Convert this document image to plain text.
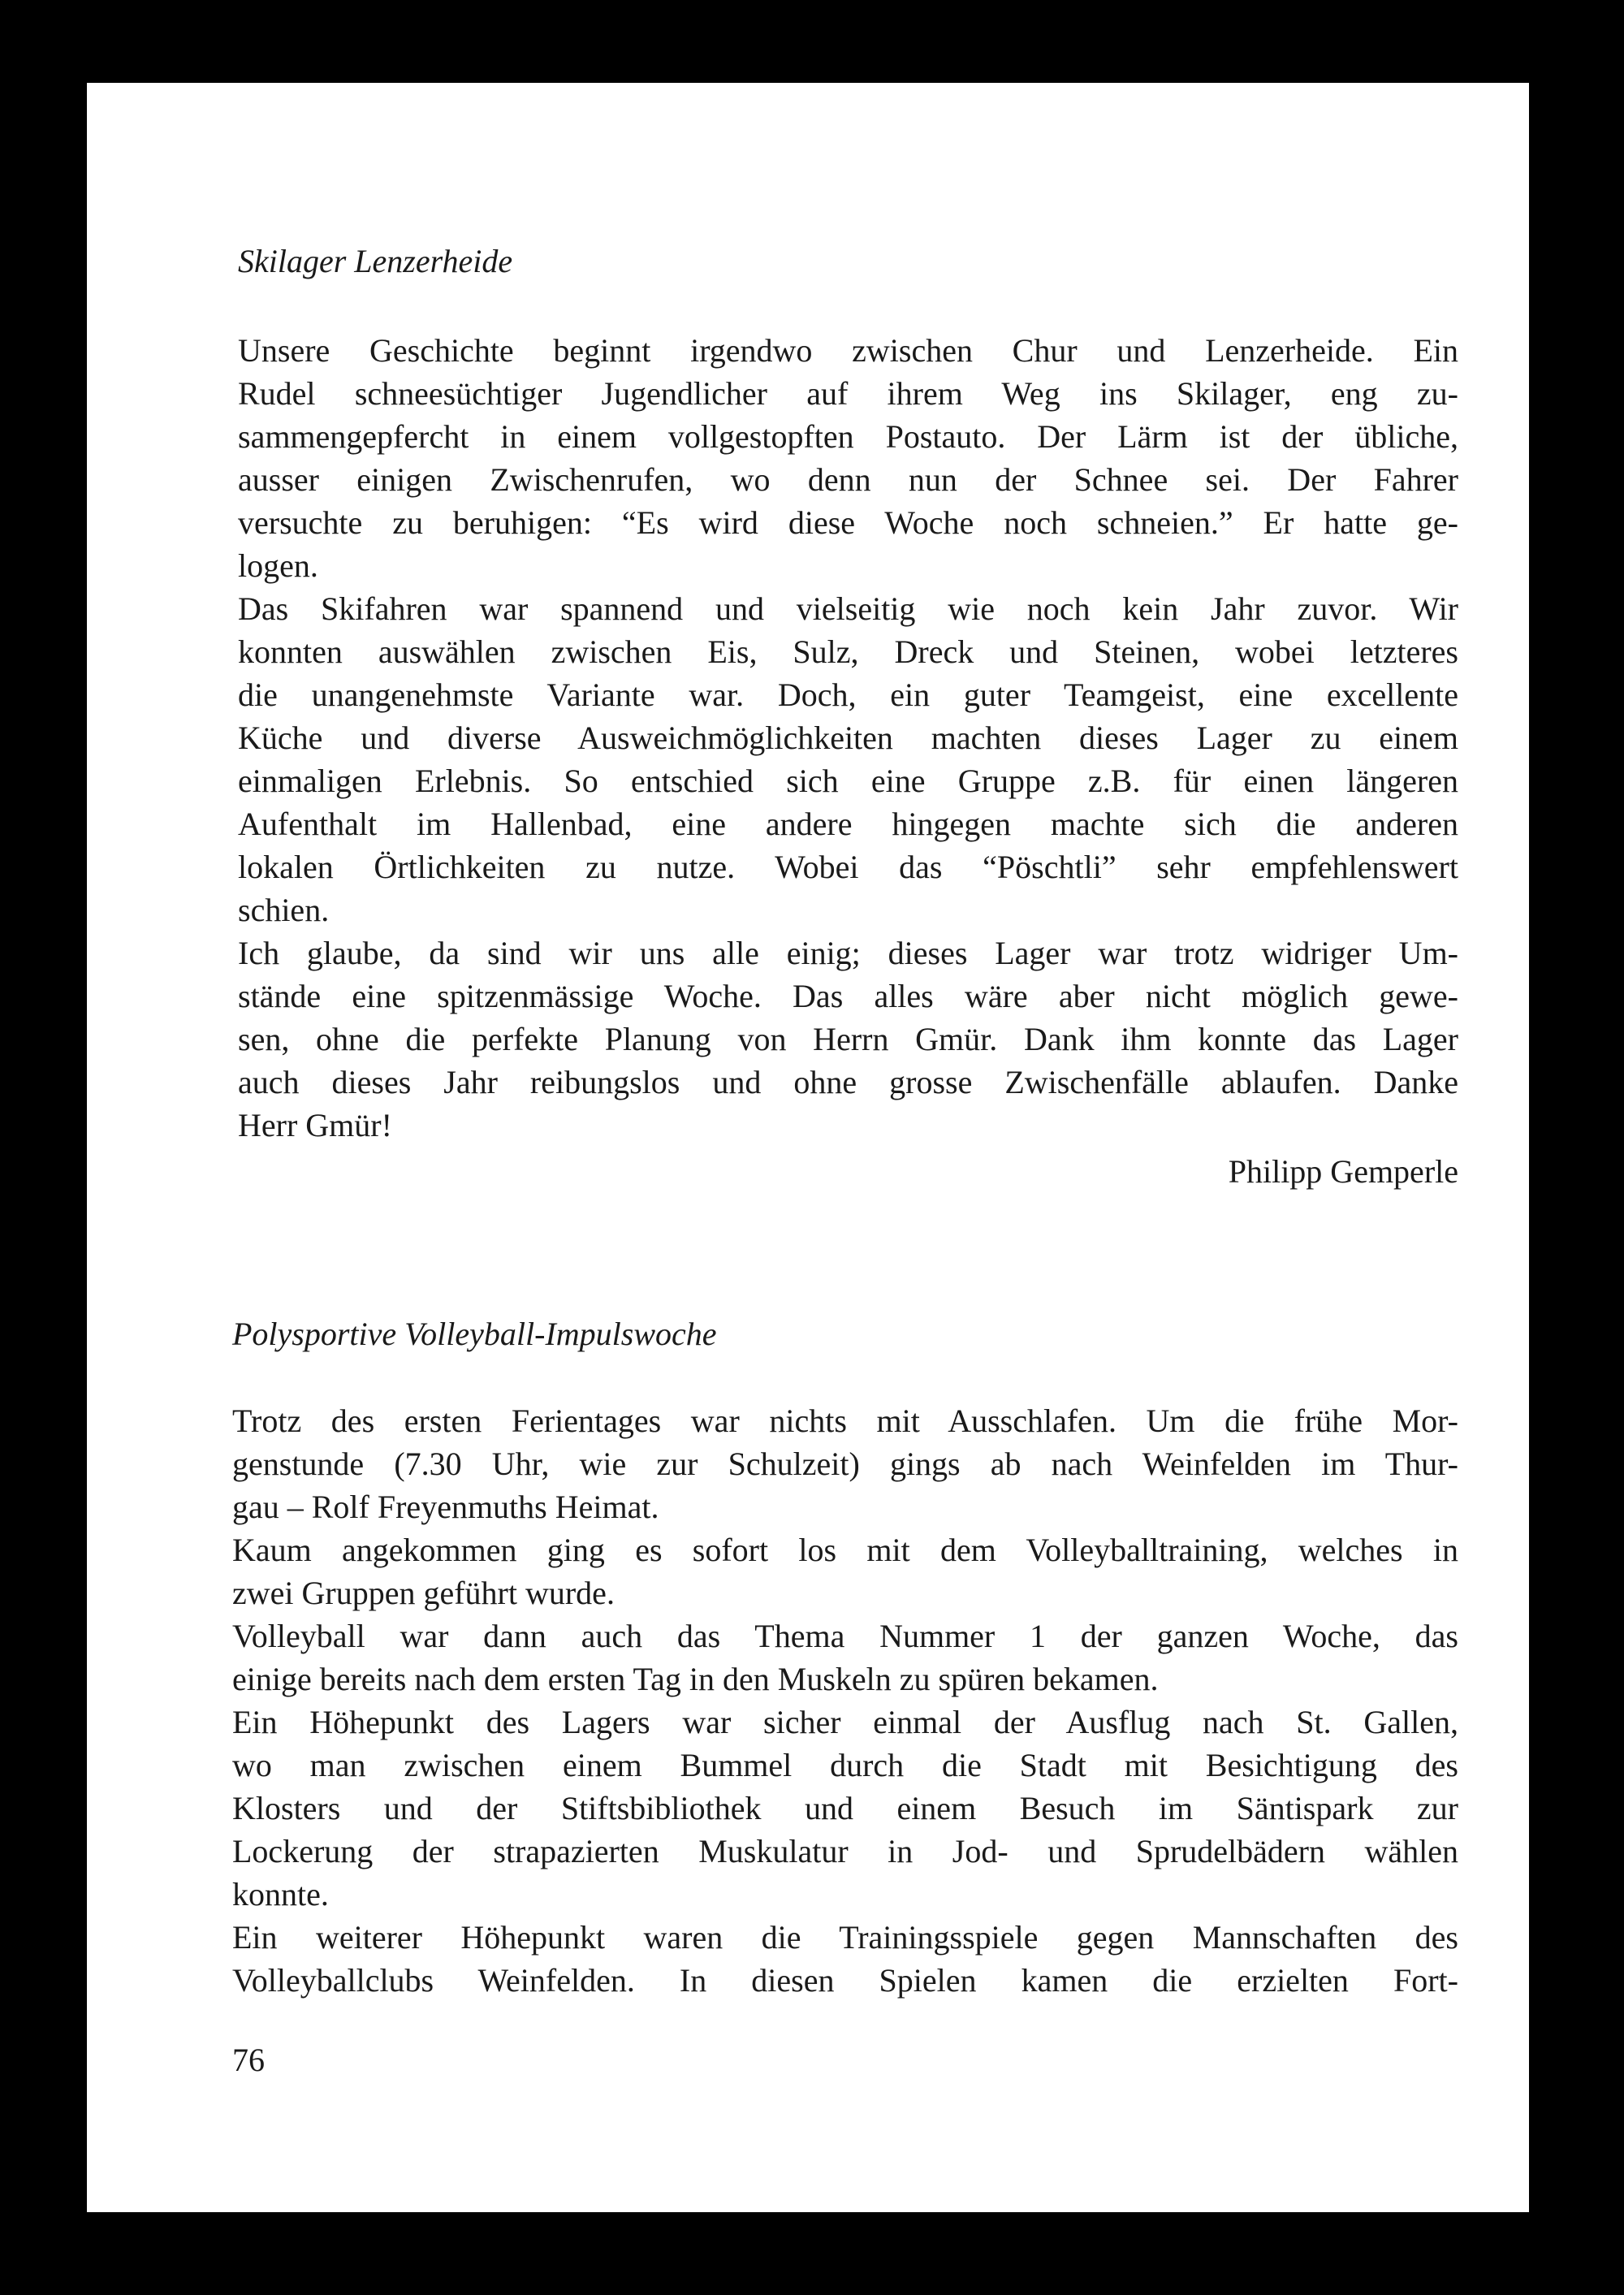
Skilager Lenzerheide
Unsere Geschichte beginnt irgendwo zwischen Chur und Lenzerheide. Ein
Rudel schneesüchtiger Jugendlicher auf ihrem Weg ins Skilager, eng zu-
sammengepfercht in einem vollgestopften Postauto. Der Lärm ist der übliche,
ausser einigen Zwischenrufen, wo denn nun der Schnee sei. Der Fahrer
versuchte zu beruhigen: “Es wird diese Woche noch schneien.” Er hatte ge-
logen.
Das Skifahren war spannend und vielseitig wie noch kein Jahr zuvor. Wir
konnten auswählen zwischen Eis, Sulz, Dreck und Steinen, wobei letzteres
die unangenehmste Variante war. Doch, ein guter Teamgeist, eine excellente
Küche und diverse Ausweichmöglichkeiten machten dieses Lager zu einem
einmaligen Erlebnis. So entschied sich eine Gruppe z.B. für einen längeren
Aufenthalt im Hallenbad, eine andere hingegen machte sich die anderen
lokalen Örtlichkeiten zu nutze. Wobei das “Pöschtli” sehr empfehlenswert
schien.
Ich glaube, da sind wir uns alle einig; dieses Lager war trotz widriger Um-
stände eine spitzenmässige Woche. Das alles wäre aber nicht möglich gewe-
sen, ohne die perfekte Planung von Herrn Gmür. Dank ihm konnte das Lager
auch dieses Jahr reibungslos und ohne grosse Zwischenfälle ablaufen. Danke
Herr Gmür!
Philipp Gemperle
Polysportive Volleyball-Impulswoche
Trotz des ersten Ferientages war nichts mit Ausschlafen. Um die frühe Mor-
genstunde (7.30 Uhr, wie zur Schulzeit) gings ab nach Weinfelden im Thur-
gau – Rolf Freyenmuths Heimat.
Kaum angekommen ging es sofort los mit dem Volleyballtraining, welches in
zwei Gruppen geführt wurde.
Volleyball war dann auch das Thema Nummer 1 der ganzen Woche, das
einige bereits nach dem ersten Tag in den Muskeln zu spüren bekamen.
Ein Höhepunkt des Lagers war sicher einmal der Ausflug nach St. Gallen,
wo man zwischen einem Bummel durch die Stadt mit Besichtigung des
Klosters und der Stiftsbibliothek und einem Besuch im Säntispark zur
Lockerung der strapazierten Muskulatur in Jod- und Sprudelbädern wählen
konnte.
Ein weiterer Höhepunkt waren die Trainingsspiele gegen Mannschaften des
Volleyballclubs Weinfelden. In diesen Spielen kamen die erzielten Fort-
76
